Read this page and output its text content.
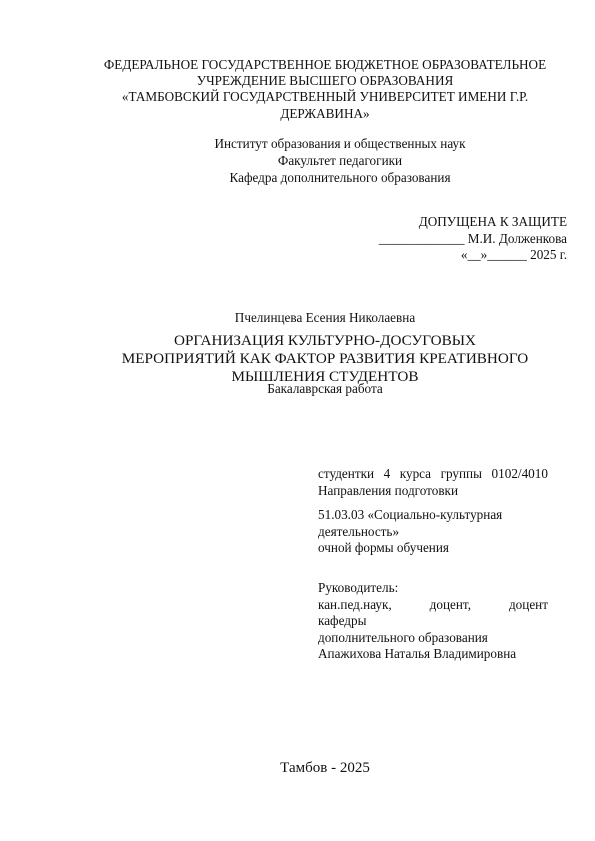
ФЕДЕРАЛЬНОЕ ГОСУДАРСТВЕННОЕ БЮДЖЕТНОЕ ОБРАЗОВАТЕЛЬНОЕ
УЧРЕЖДЕНИЕ ВЫСШЕГО ОБРАЗОВАНИЯ
«ТАМБОВСКИЙ ГОСУДАРСТВЕННЫЙ УНИВЕРСИТЕТ ИМЕНИ Г.Р.
ДЕРЖАВИНА»
Институт образования и общественных наук
Факультет педагогики
Кафедра дополнительного образования
ДОПУЩЕНА К ЗАЩИТЕ
_____________ М.И. Долженкова
«__»______ 2025 г.
Пчелинцева Есения Николаевна
ОРГАНИЗАЦИЯ КУЛЬТУРНО-ДОСУГОВЫХ
МЕРОПРИЯТИЙ КАК ФАКТОР РАЗВИТИЯ КРЕАТИВНОГО
МЫШЛЕНИЯ СТУДЕНТОВ
Бакалаврская работа
студентки 4 курса группы 0102/4010
Направления подготовки
51.03.03 «Социально-культурная
деятельность»
очной формы обучения
Руководитель:
кан.пед.наук,	доцент,	доцент
кафедры
дополнительного образования
Апажихова Наталья Владимировна
Тамбов - 2025
